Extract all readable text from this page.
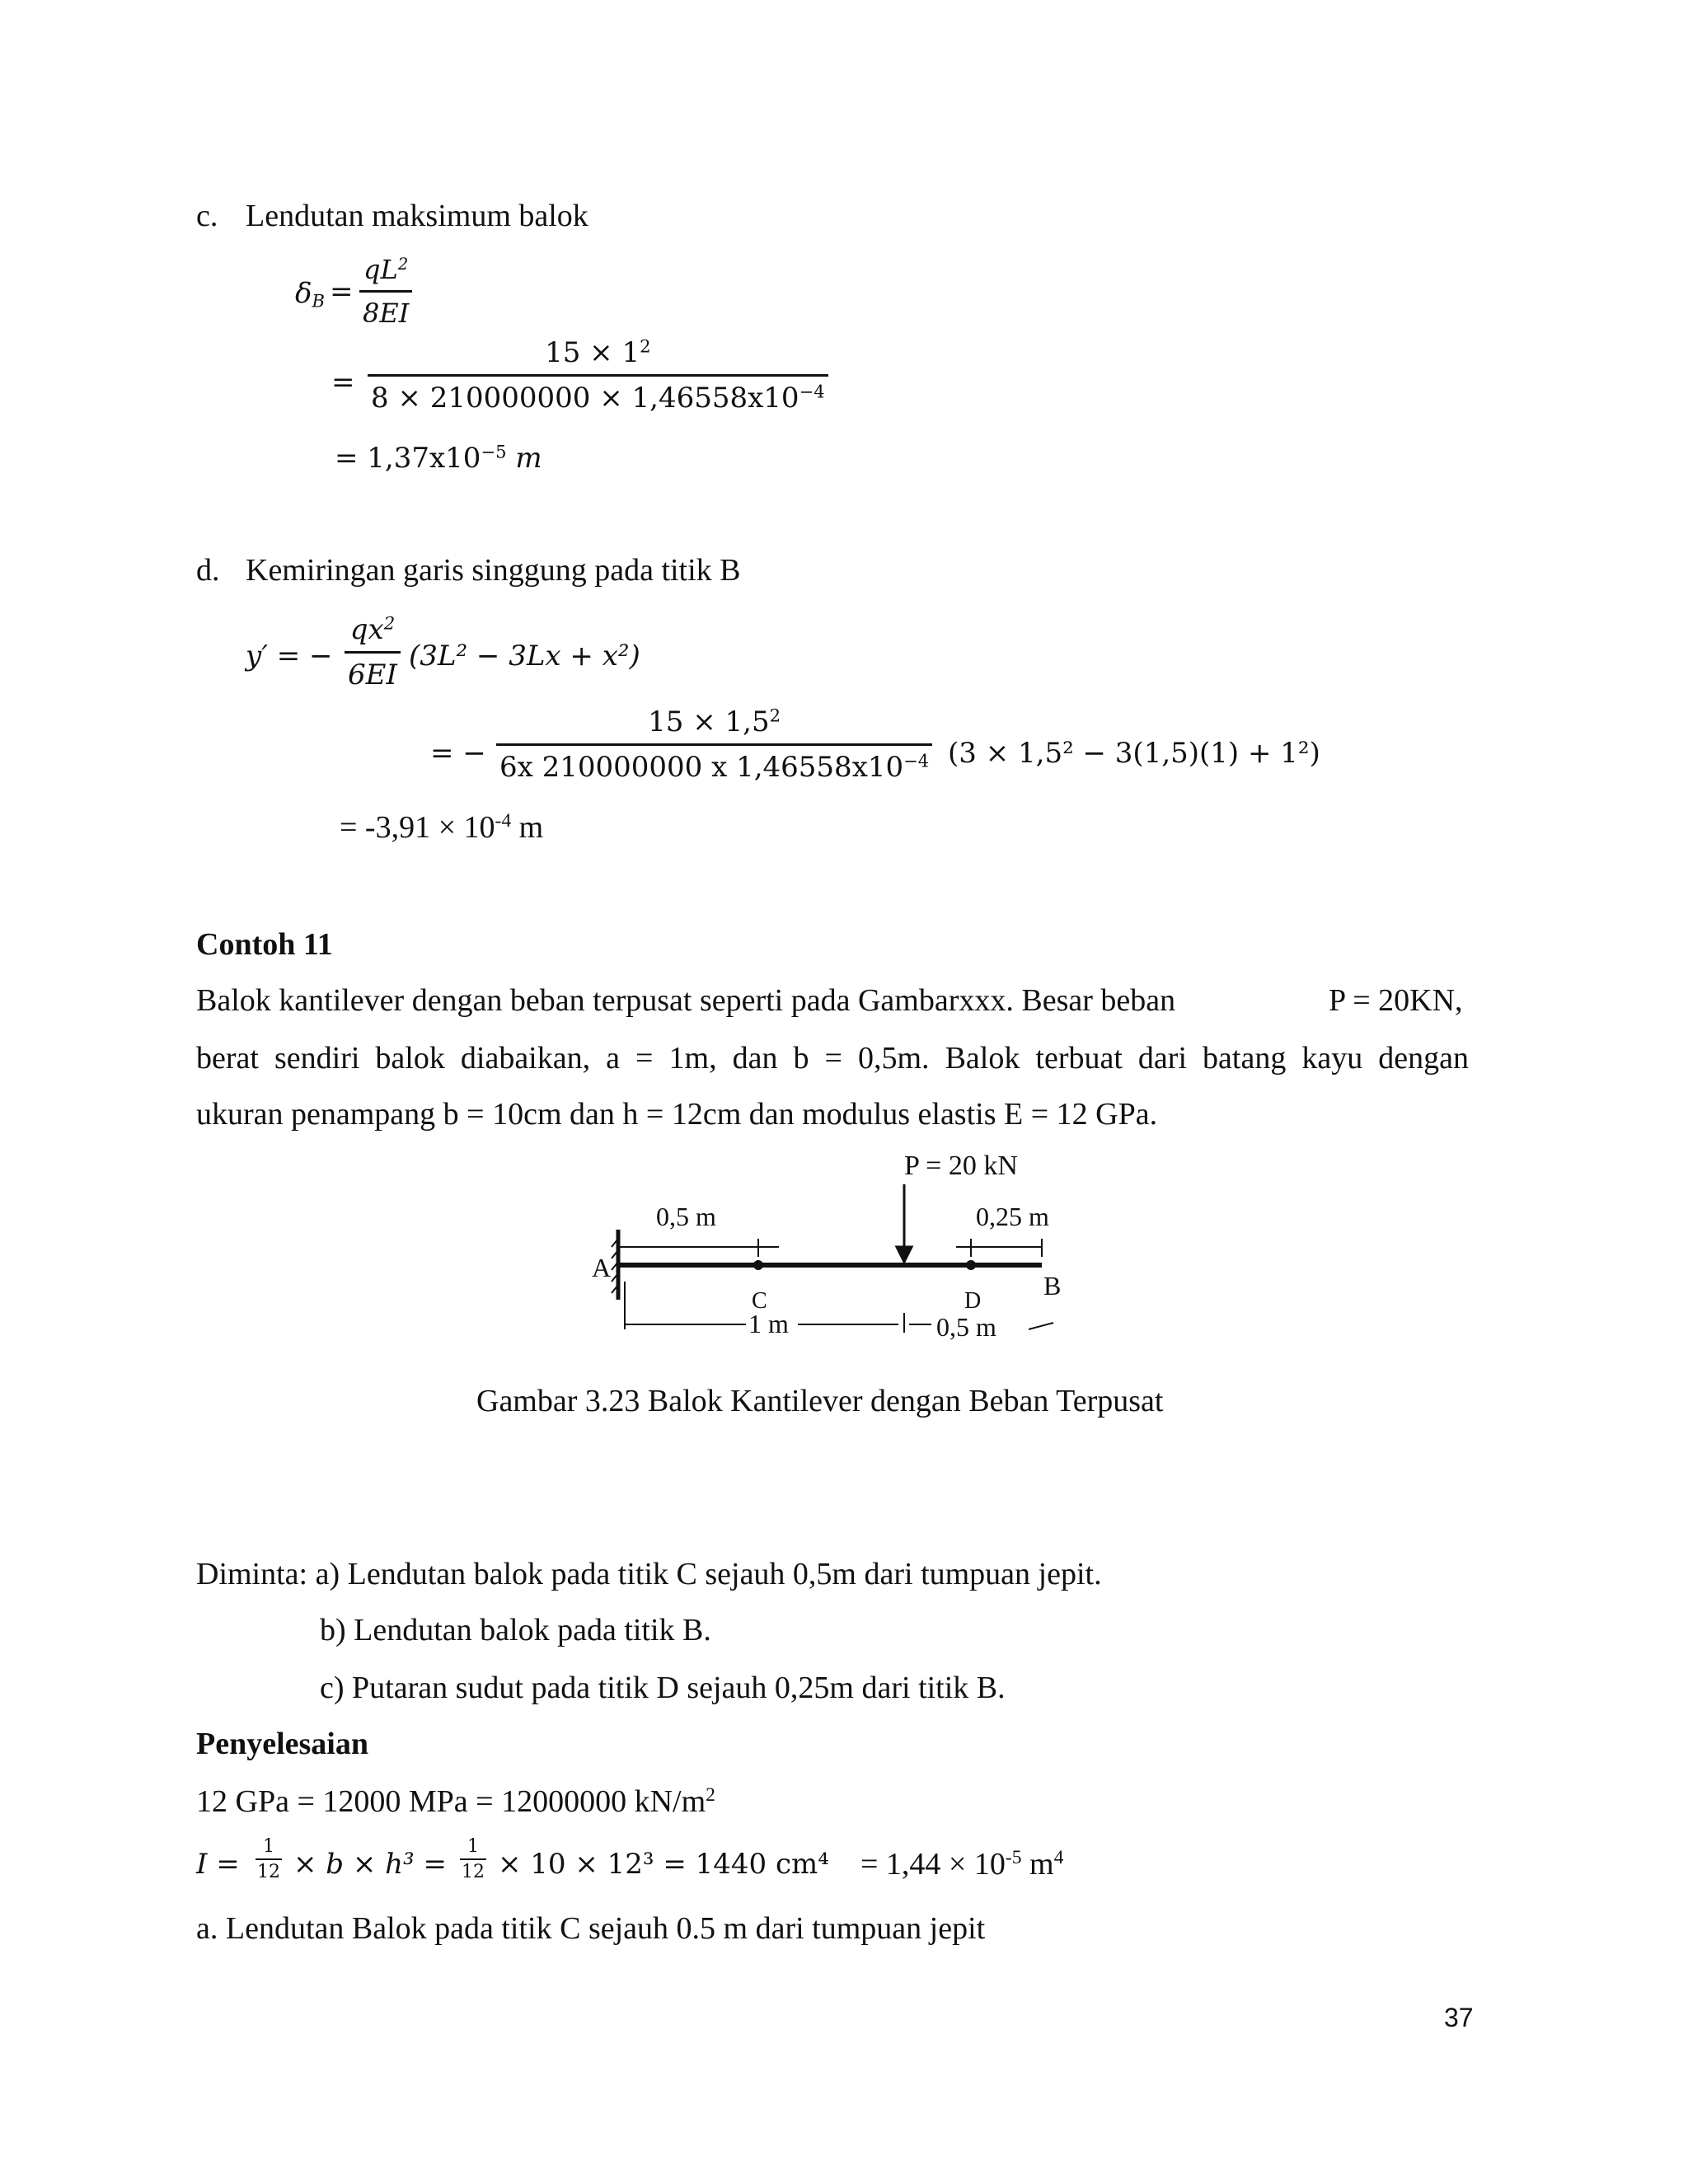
c. Lendutan maksimum balok
$\delta_B = \frac{qL^2}{8EI}$
= $\frac{15 \times 1^2}{8 \times 210000000 \times 1,46558x10^{-4}}$
= $1,37x10^{-5}$ m
d. Kemiringan garis singgung pada titik B
y′ = − $\frac{qx^2}{6EI} (3L^2 - 3Lx + x^2)$
= − $\frac{15 \times 1,5^2}{6x 210000000 x 1,46558x10^{-4}} (3 \times 1,5^2 - 3(1,5)(1) + 1^2)$
= $-3,91 \times 10^{-4}$ m
Contoh 11
Balok kantilever dengan beban terpusat seperti pada Gambarxxx. Besar beban	P = 20KN,
berat sendiri balok diabaikan, a = 1m, dan b = 0,5m. Balok terbuat dari batang kayu dengan
ukuran penampang b = 10cm dan h = 12cm dan modulus elastis E = 12 GPa.
P = 20 kN
0,5 m	0,25 m
A
B
C	D
1 m	0,5 m
Gambar 3.23 Balok Kantilever dengan Beban Terpusat
Diminta: a) Lendutan balok pada titik C sejauh 0,5m dari tumpuan jepit.
b) Lendutan balok pada titik B.
c) Putaran sudut pada titik D sejauh 0,25m dari titik B.
Penyelesaian
12 GPa = 12000 MPa = 12000000 $kN/m^2$
$I = \frac{1}{12} \times b \times h^3 = \frac{1}{12} \times 10 \times 12^3 = 1440$ $cm^4 = 1,44 \times 10^{-5}$ $m^4$
a. Lendutan Balok pada titik C sejauh 0.5 m dari tumpuan jepit
37
